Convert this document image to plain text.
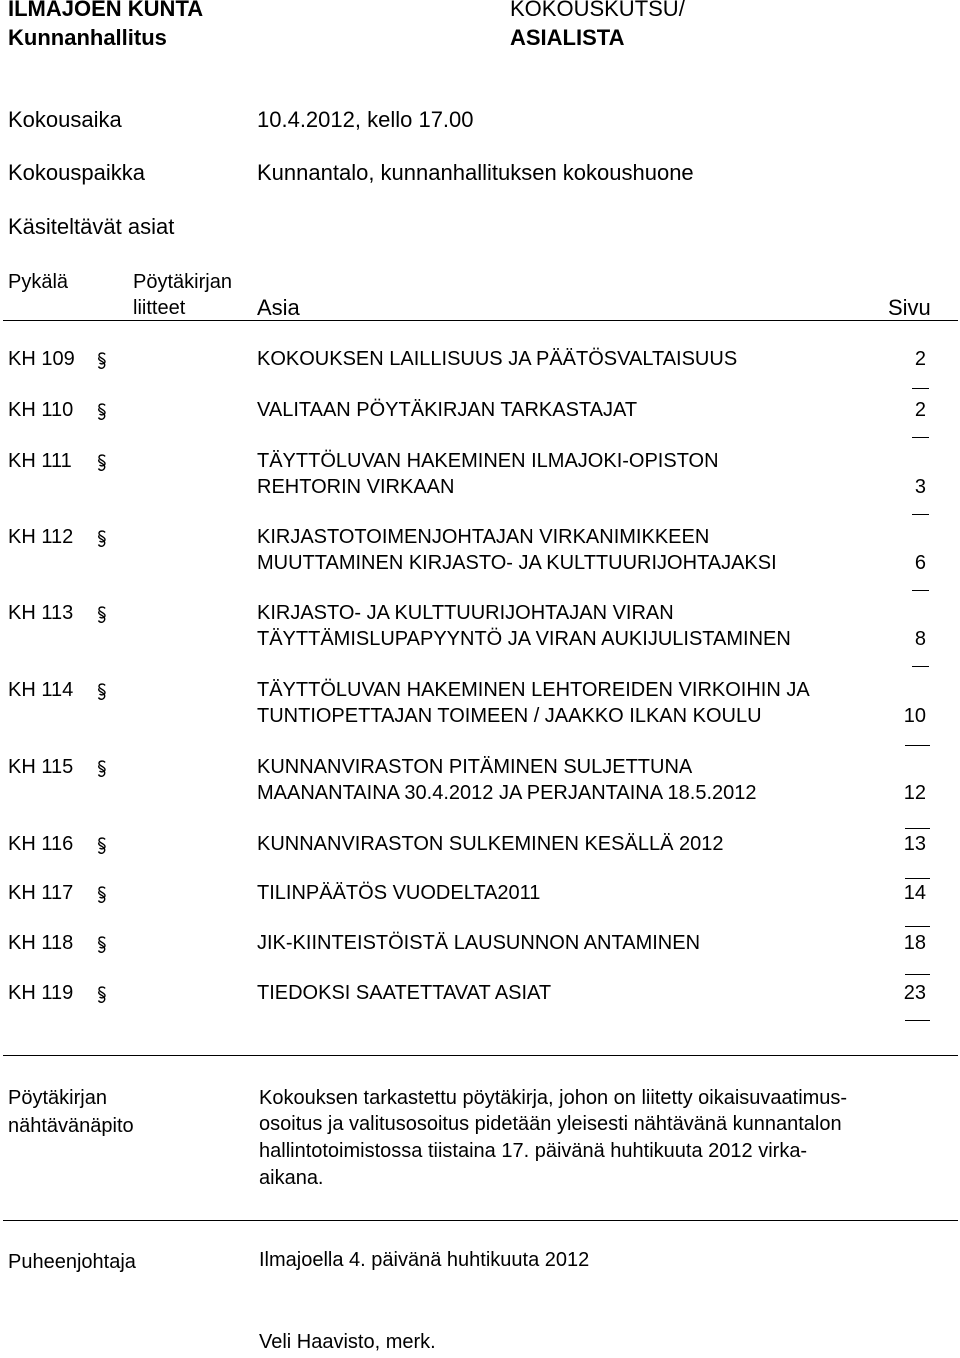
ILMAJOEN KUNTA
Kunnanhallitus
KOKOUSKUTSU/
ASIALISTA
Kokousaika	10.4.2012, kello 17.00
Kokouspaikka	Kunnantalo, kunnanhallituksen kokoushuone
Käsiteltävät asiat
Pykälä	Pöytäkirjan
liitteet	Asia	Sivu
KH 109	KOKOUKSEN LAILLISUUS JA PÄÄTÖSVALTAISUUS	2
KH 110	VALITAAN PÖYTÄKIRJAN TARKASTAJAT	2
KH 111	TÄYTTÖLUVAN HAKEMINEN ILMAJOKI-OPISTON
REHTORIN VIRKAAN	3
KH 112	KIRJASTOTOIMENJOHTAJAN VIRKANIMIKKEEN
MUUTTAMINEN KIRJASTO- JA KULTTUURIJOHTAJAKSI	6
KH 113	KIRJASTO- JA KULTTUURIJOHTAJAN VIRAN
TÄYTTÄMISLUPAPYYNTÖ JA VIRAN AUKIJULISTAMINEN	8
KH 114	TÄYTTÖLUVAN HAKEMINEN LEHTOREIDEN VIRKOIHIN JA
TUNTIOPETTAJAN TOIMEEN / JAAKKO ILKAN KOULU	10
KH 115	KUNNANVIRASTON PITÄMINEN SULJETTUNA
MAANANTAINA 30.4.2012 JA PERJANTAINA 18.5.2012	12
KH 116	KUNNANVIRASTON SULKEMINEN KESÄLLÄ 2012	13
KH 117	TILINPÄÄTÖS VUODELTA2011	14
KH 118	JIK-KIINTEISTÖISTÄ LAUSUNNON ANTAMINEN	18
KH 119	TIEDOKSI SAATETTAVAT ASIAT	23
Pöytäkirjan
nähtävänäpito
Kokouksen tarkastettu pöytäkirja, johon on liitetty oikaisuvaatimus-
osoitus ja valitusosoitus pidetään yleisesti nähtävänä kunnantalon
hallintotoimistossa tiistaina 17. päivänä huhtikuuta 2012 virka-
aikana.
Puheenjohtaja	Ilmajoella 4. päivänä huhtikuuta 2012
Veli Haavisto, merk.
